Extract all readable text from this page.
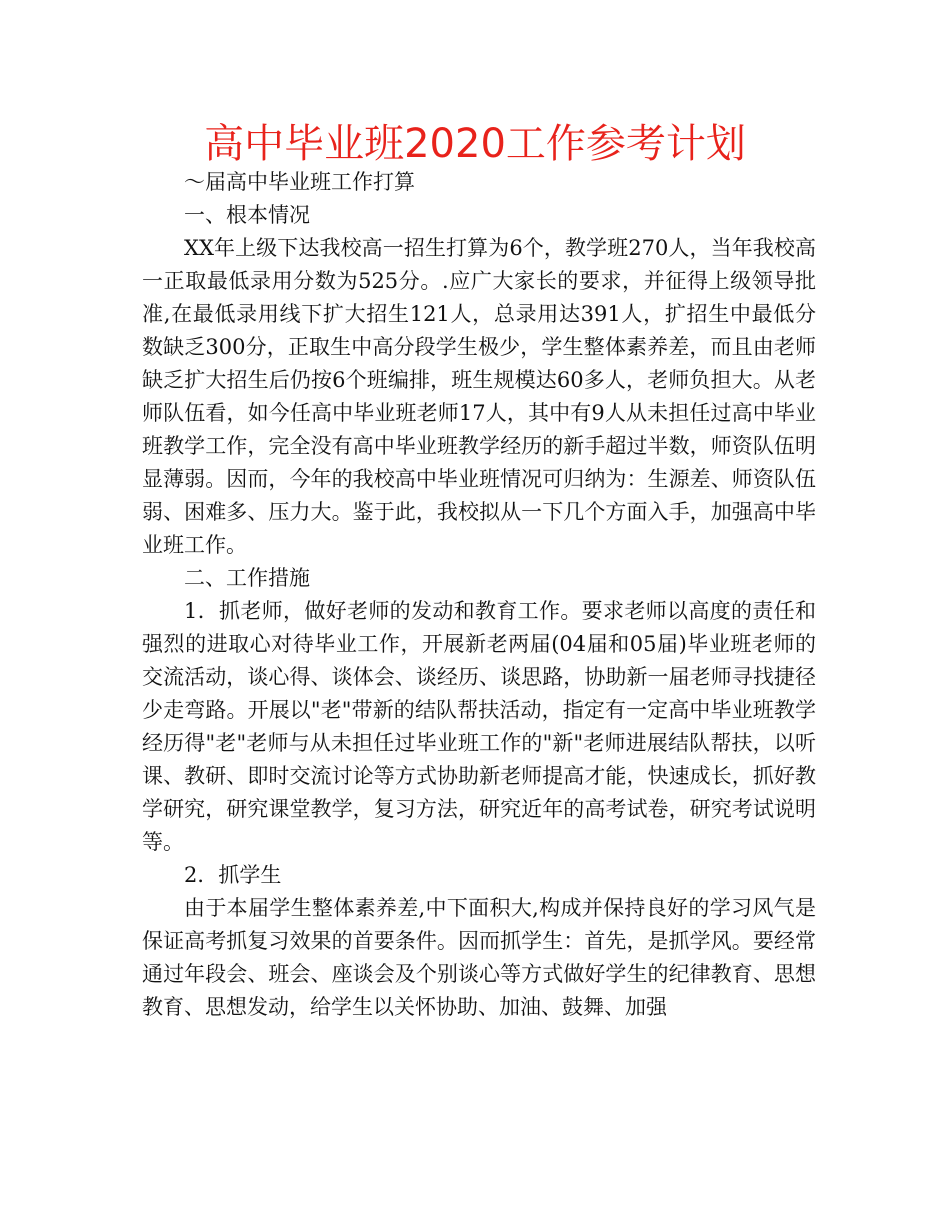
高中毕业班2020工作参考计划

～届高中毕业班工作打算

一、根本情况

XX年上级下达我校高一招生打算为6个，教学班270人，当年我校高一正取最低录用分数为525分。.应广大家长的要求，并征得上级领导批准,在最低录用线下扩大招生121人，总录用达391人，扩招生中最低分数缺乏300分，正取生中高分段学生极少，学生整体素养差，而且由老师缺乏扩大招生后仍按6个班编排，班生规模达60多人，老师负担大。从老师队伍看，如今任高中毕业班老师17人，其中有9人从未担任过高中毕业班教学工作，完全没有高中毕业班教学经历的新手超过半数，师资队伍明显薄弱。因而，今年的我校高中毕业班情况可归纳为：生源差、师资队伍弱、困难多、压力大。鉴于此，我校拟从一下几个方面入手，加强高中毕业班工作。

二、工作措施

1．抓老师，做好老师的发动和教育工作。要求老师以高度的责任和强烈的进取心对待毕业工作，开展新老两届(04届和05届)毕业班老师的交流活动，谈心得、谈体会、谈经历、谈思路，协助新一届老师寻找捷径少走弯路。开展以"老"带新的结队帮扶活动，指定有一定高中毕业班教学经历得"老"老师与从未担任过毕业班工作的"新"老师进展结队帮扶，以听课、教研、即时交流讨论等方式协助新老师提高才能，快速成长，抓好教学研究，研究课堂教学，复习方法，研究近年的高考试卷，研究考试说明等。

2．抓学生

由于本届学生整体素养差,中下面积大,构成并保持良好的学习风气是保证高考抓复习效果的首要条件。因而抓学生：首先，是抓学风。要经常通过年段会、班会、座谈会及个别谈心等方式做好学生的纪律教育、思想教育、思想发动，给学生以关怀协助、加油、鼓舞、加强
